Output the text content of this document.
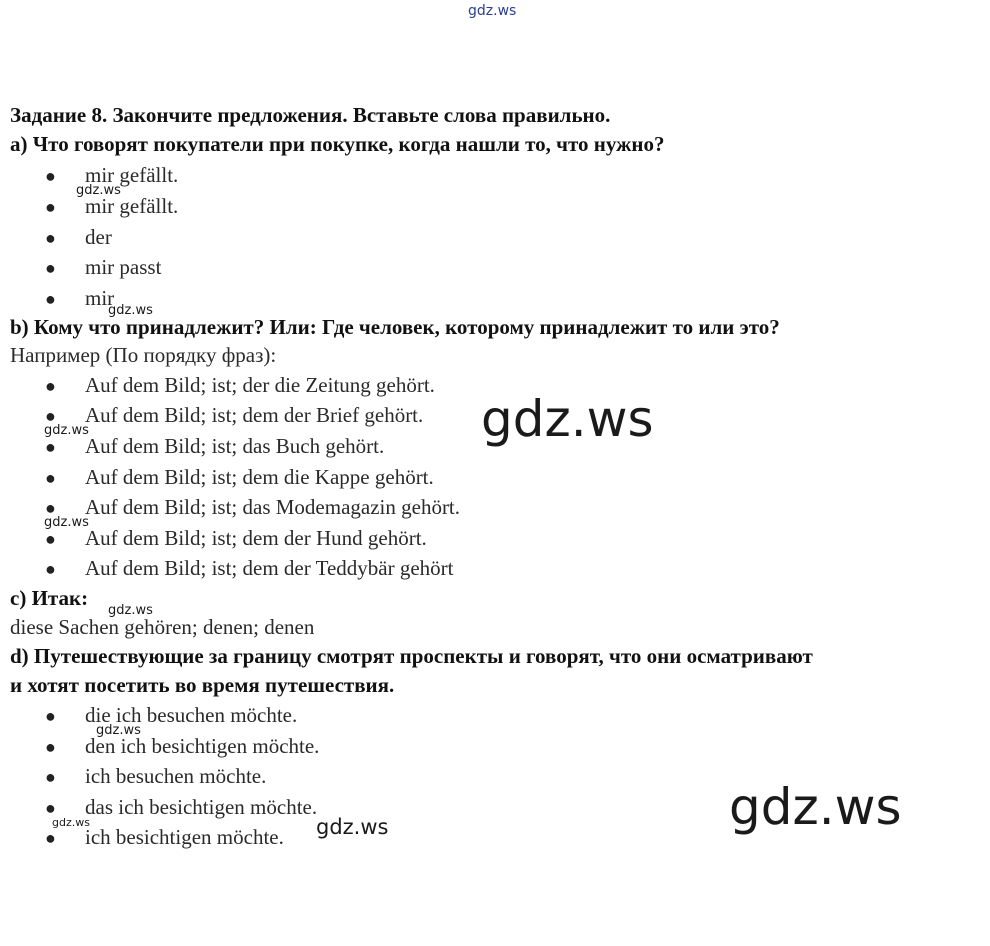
gdz.ws
Задание 8. Закончите предложения. Вставьте слова правильно.
a) Что говорят покупатели при покупке, когда нашли то, что нужно?
● mir gefällt.
● mir gefällt.
● der
● mir passt
● mir
b) Кому что принадлежит? Или: Где человек, которому принадлежит то или это?
Например (По порядку фраз):
● Auf dem Bild; ist; der die Zeitung gehört.
● Auf dem Bild; ist; dem der Brief gehört.
● Auf dem Bild; ist; das Buch gehört.
● Auf dem Bild; ist; dem die Kappe gehört.
● Auf dem Bild; ist; das Modemagazin gehört.
● Auf dem Bild; ist; dem der Hund gehört.
● Auf dem Bild; ist; dem der Teddybär gehört
c) Итак:
diese Sachen gehören; denen; denen
d) Путешествующие за границу смотрят проспекты и говорят, что они осматривают
и хотят посетить во время путешествия.
● die ich besuchen möchte.
● den ich besichtigen möchte.
● ich besuchen möchte.
● das ich besichtigen möchte.
● ich besichtigen möchte.
gdz.ws
gdz.ws
gdz.ws
gdz.ws
gdz.ws
gdz.ws
gdz.ws	gdz.ws
gdz.ws
gdz.ws
